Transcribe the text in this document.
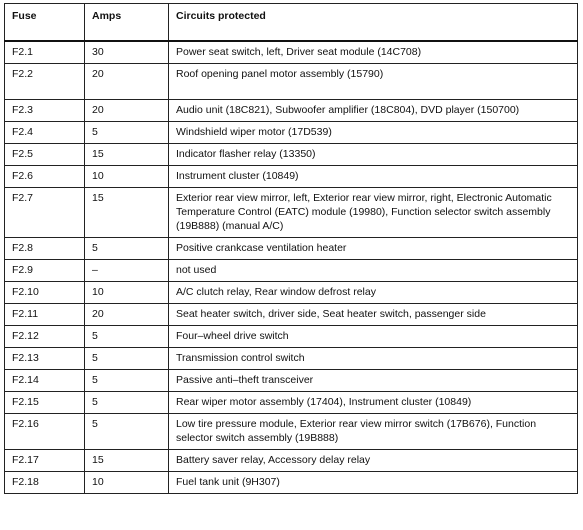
Fuse	Amps	Circuits protected
F2.1	30	Power seat switch, left, Driver seat module (14C708)
F2.2	20	Roof opening panel motor assembly (15790)
F2.3	20	Audio unit (18C821), Subwoofer amplifier (18C804), DVD player (150700)
F2.4	5	Windshield wiper motor (17D539)
F2.5	15	Indicator flasher relay (13350)
F2.6	10	Instrument cluster (10849)
F2.7	15	Exterior rear view mirror, left, Exterior rear view mirror, right, Electronic Automatic Temperature Control (EATC) module (19980), Function selector switch assembly (19B888) (manual A/C)
F2.8	5	Positive crankcase ventilation heater
F2.9	–	not used
F2.10	10	A/C clutch relay, Rear window defrost relay
F2.11	20	Seat heater switch, driver side, Seat heater switch, passenger side
F2.12	5	Four–wheel drive switch
F2.13	5	Transmission control switch
F2.14	5	Passive anti–theft transceiver
F2.15	5	Rear wiper motor assembly (17404), Instrument cluster (10849)
F2.16	5	Low tire pressure module, Exterior rear view mirror switch (17B676), Function selector switch assembly (19B888)
F2.17	15	Battery saver relay, Accessory delay relay
F2.18	10	Fuel tank unit (9H307)
